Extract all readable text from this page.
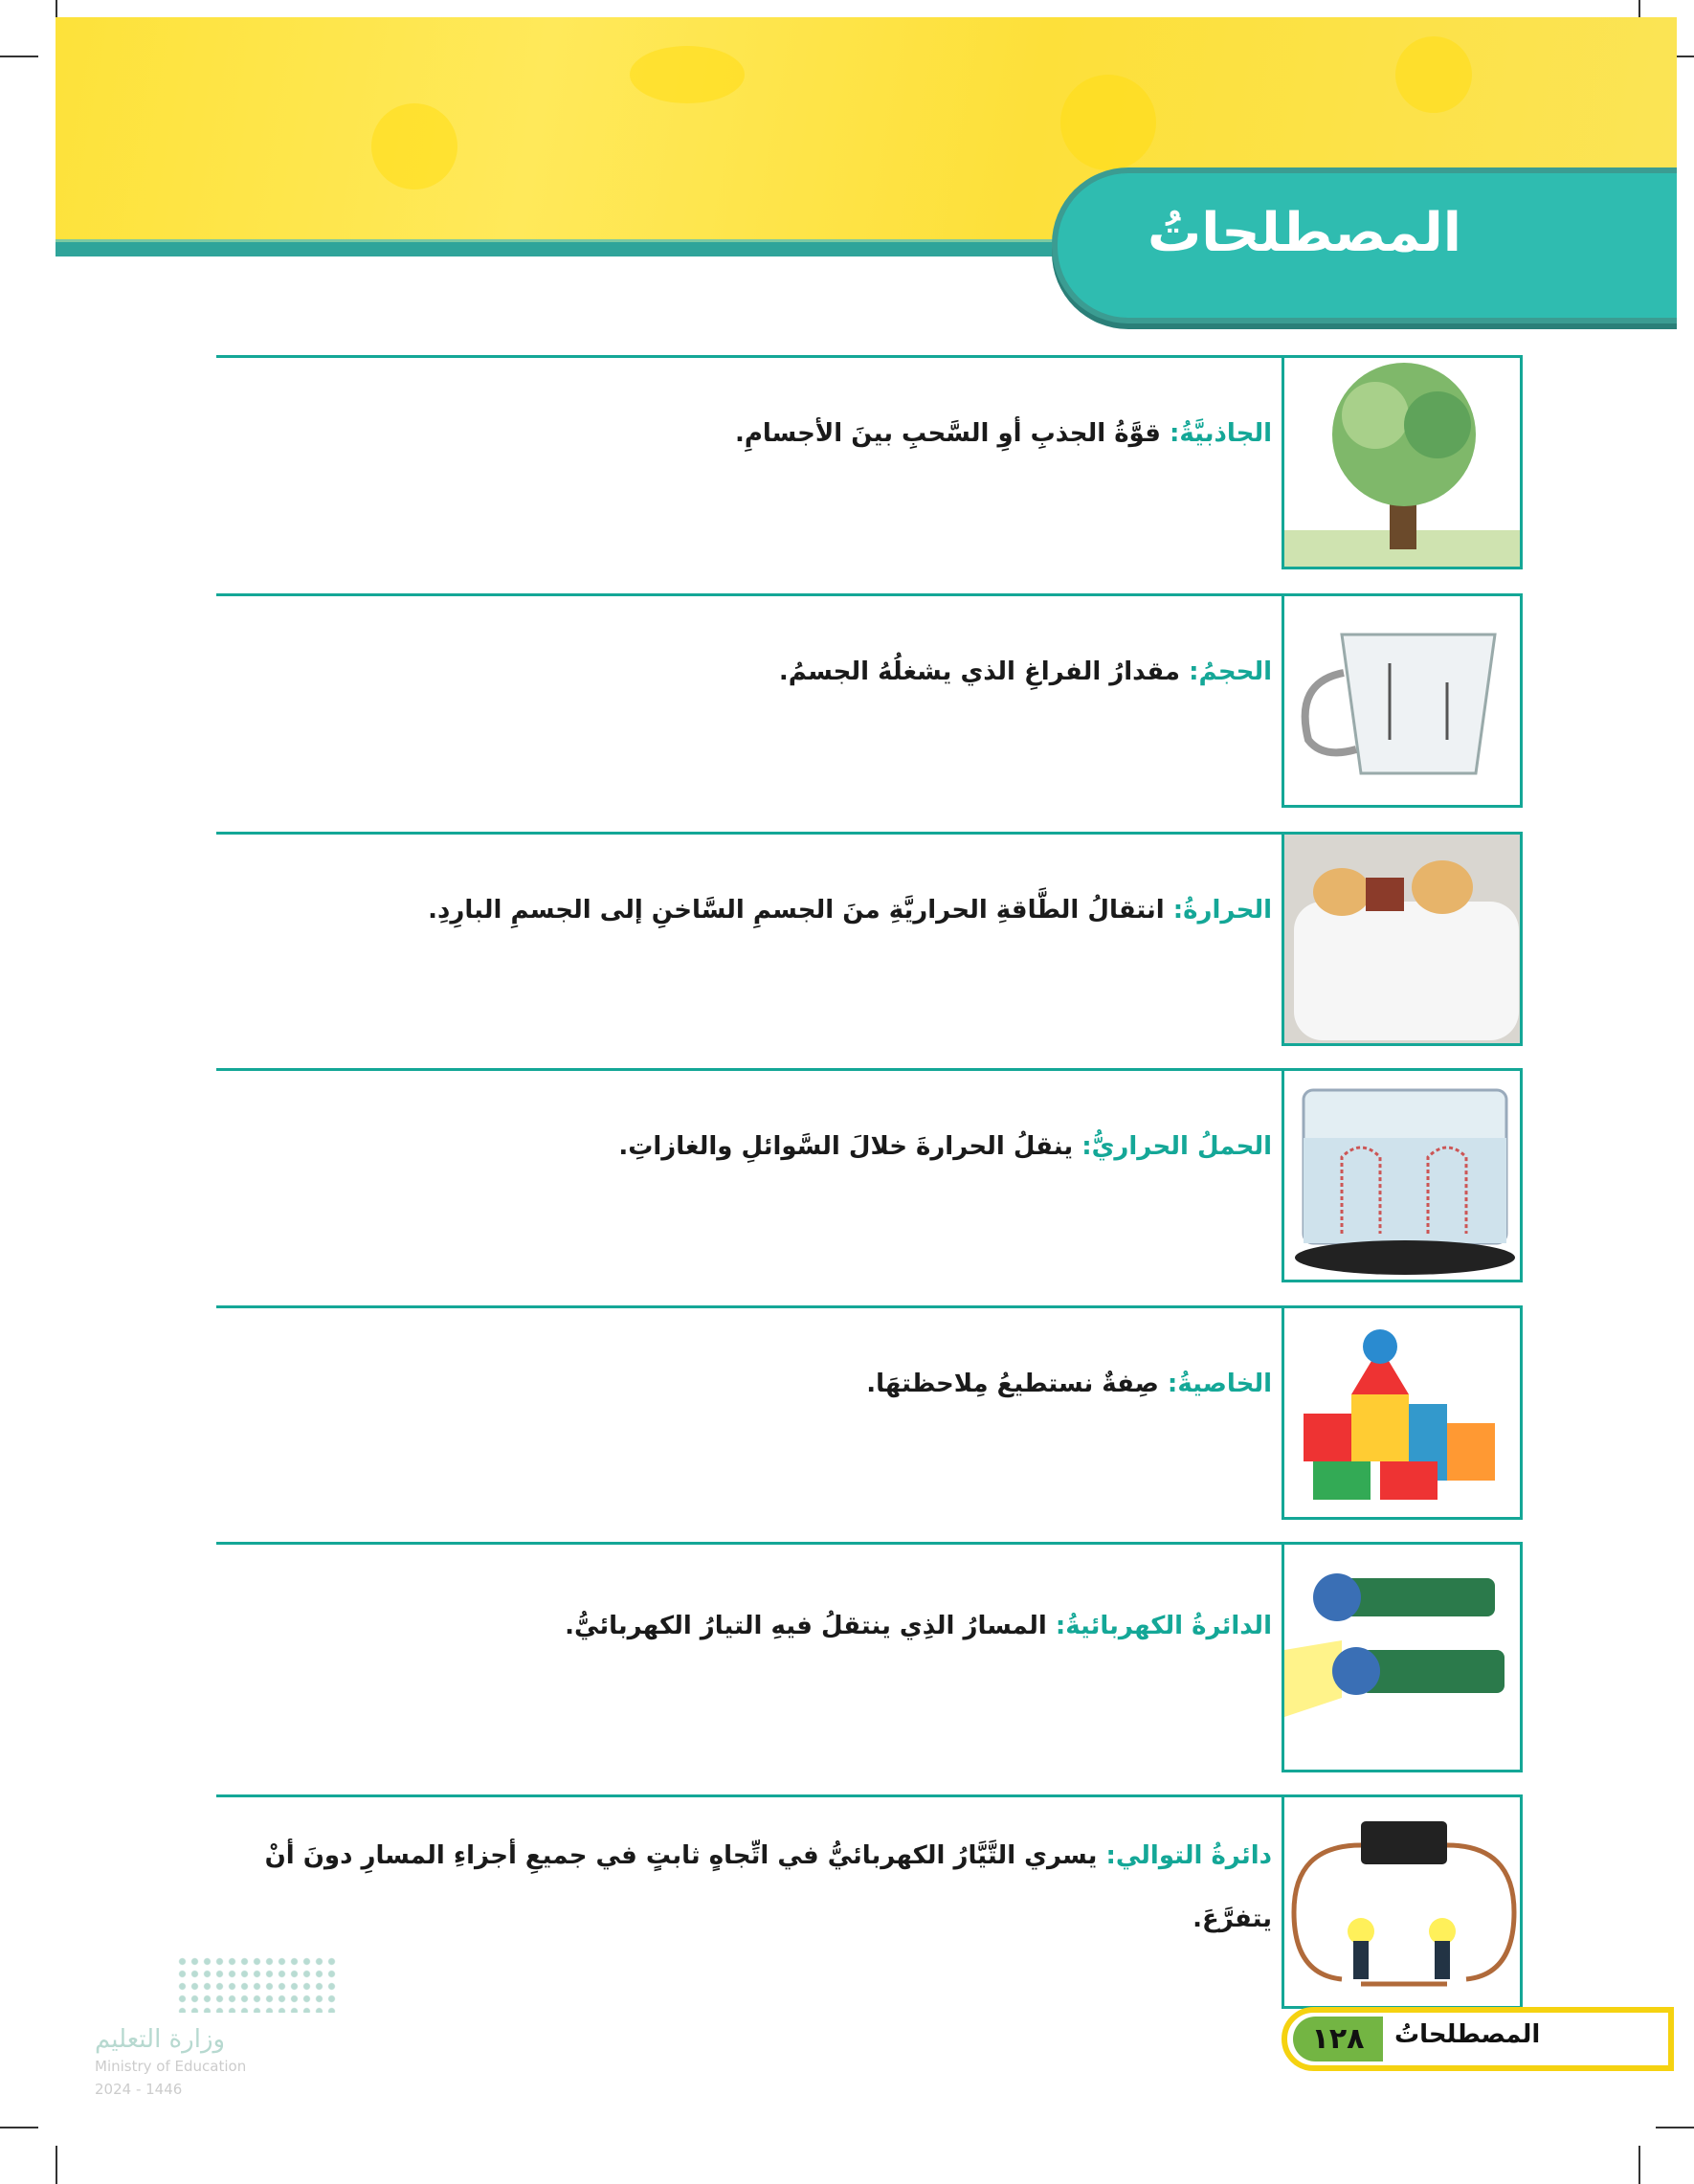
المصطلحاتُ
الجاذبيَّةُ: قوَّةُ الجذبِ أوِ السَّحبِ بينَ الأجسامِ.
الحجمُ: مقدارُ الفراغِ الذي يشغلُهُ الجسمُ.
الحرارةُ: انتقالُ الطَّاقةِ الحراريَّةِ منَ الجسمِ السَّاخنِ إلى الجسمِ البارِدِ.
الحملُ الحراريُّ: ينقلُ الحرارةَ خلالَ السَّوائلِ والغازاتِ.
الخاصيةُ: صِفةٌ نستطيعُ مِلاحظتهَا.
الدائرةُ الكهربائيةُ: المسارُ الذِي ينتقلُ فيهِ التيارُ الكهربائيُّ.
دائرةُ التوالي: يسري التَّيَّارُ الكهربائيُّ في اتِّجاهٍ ثابتٍ في جميعِ أجزاءِ المسارِ دونَ أنْ يتفرَّعَ.
١٢٨	المصطلحاتُ
وزارة التعليم
Ministry of Education
2024 - 1446
